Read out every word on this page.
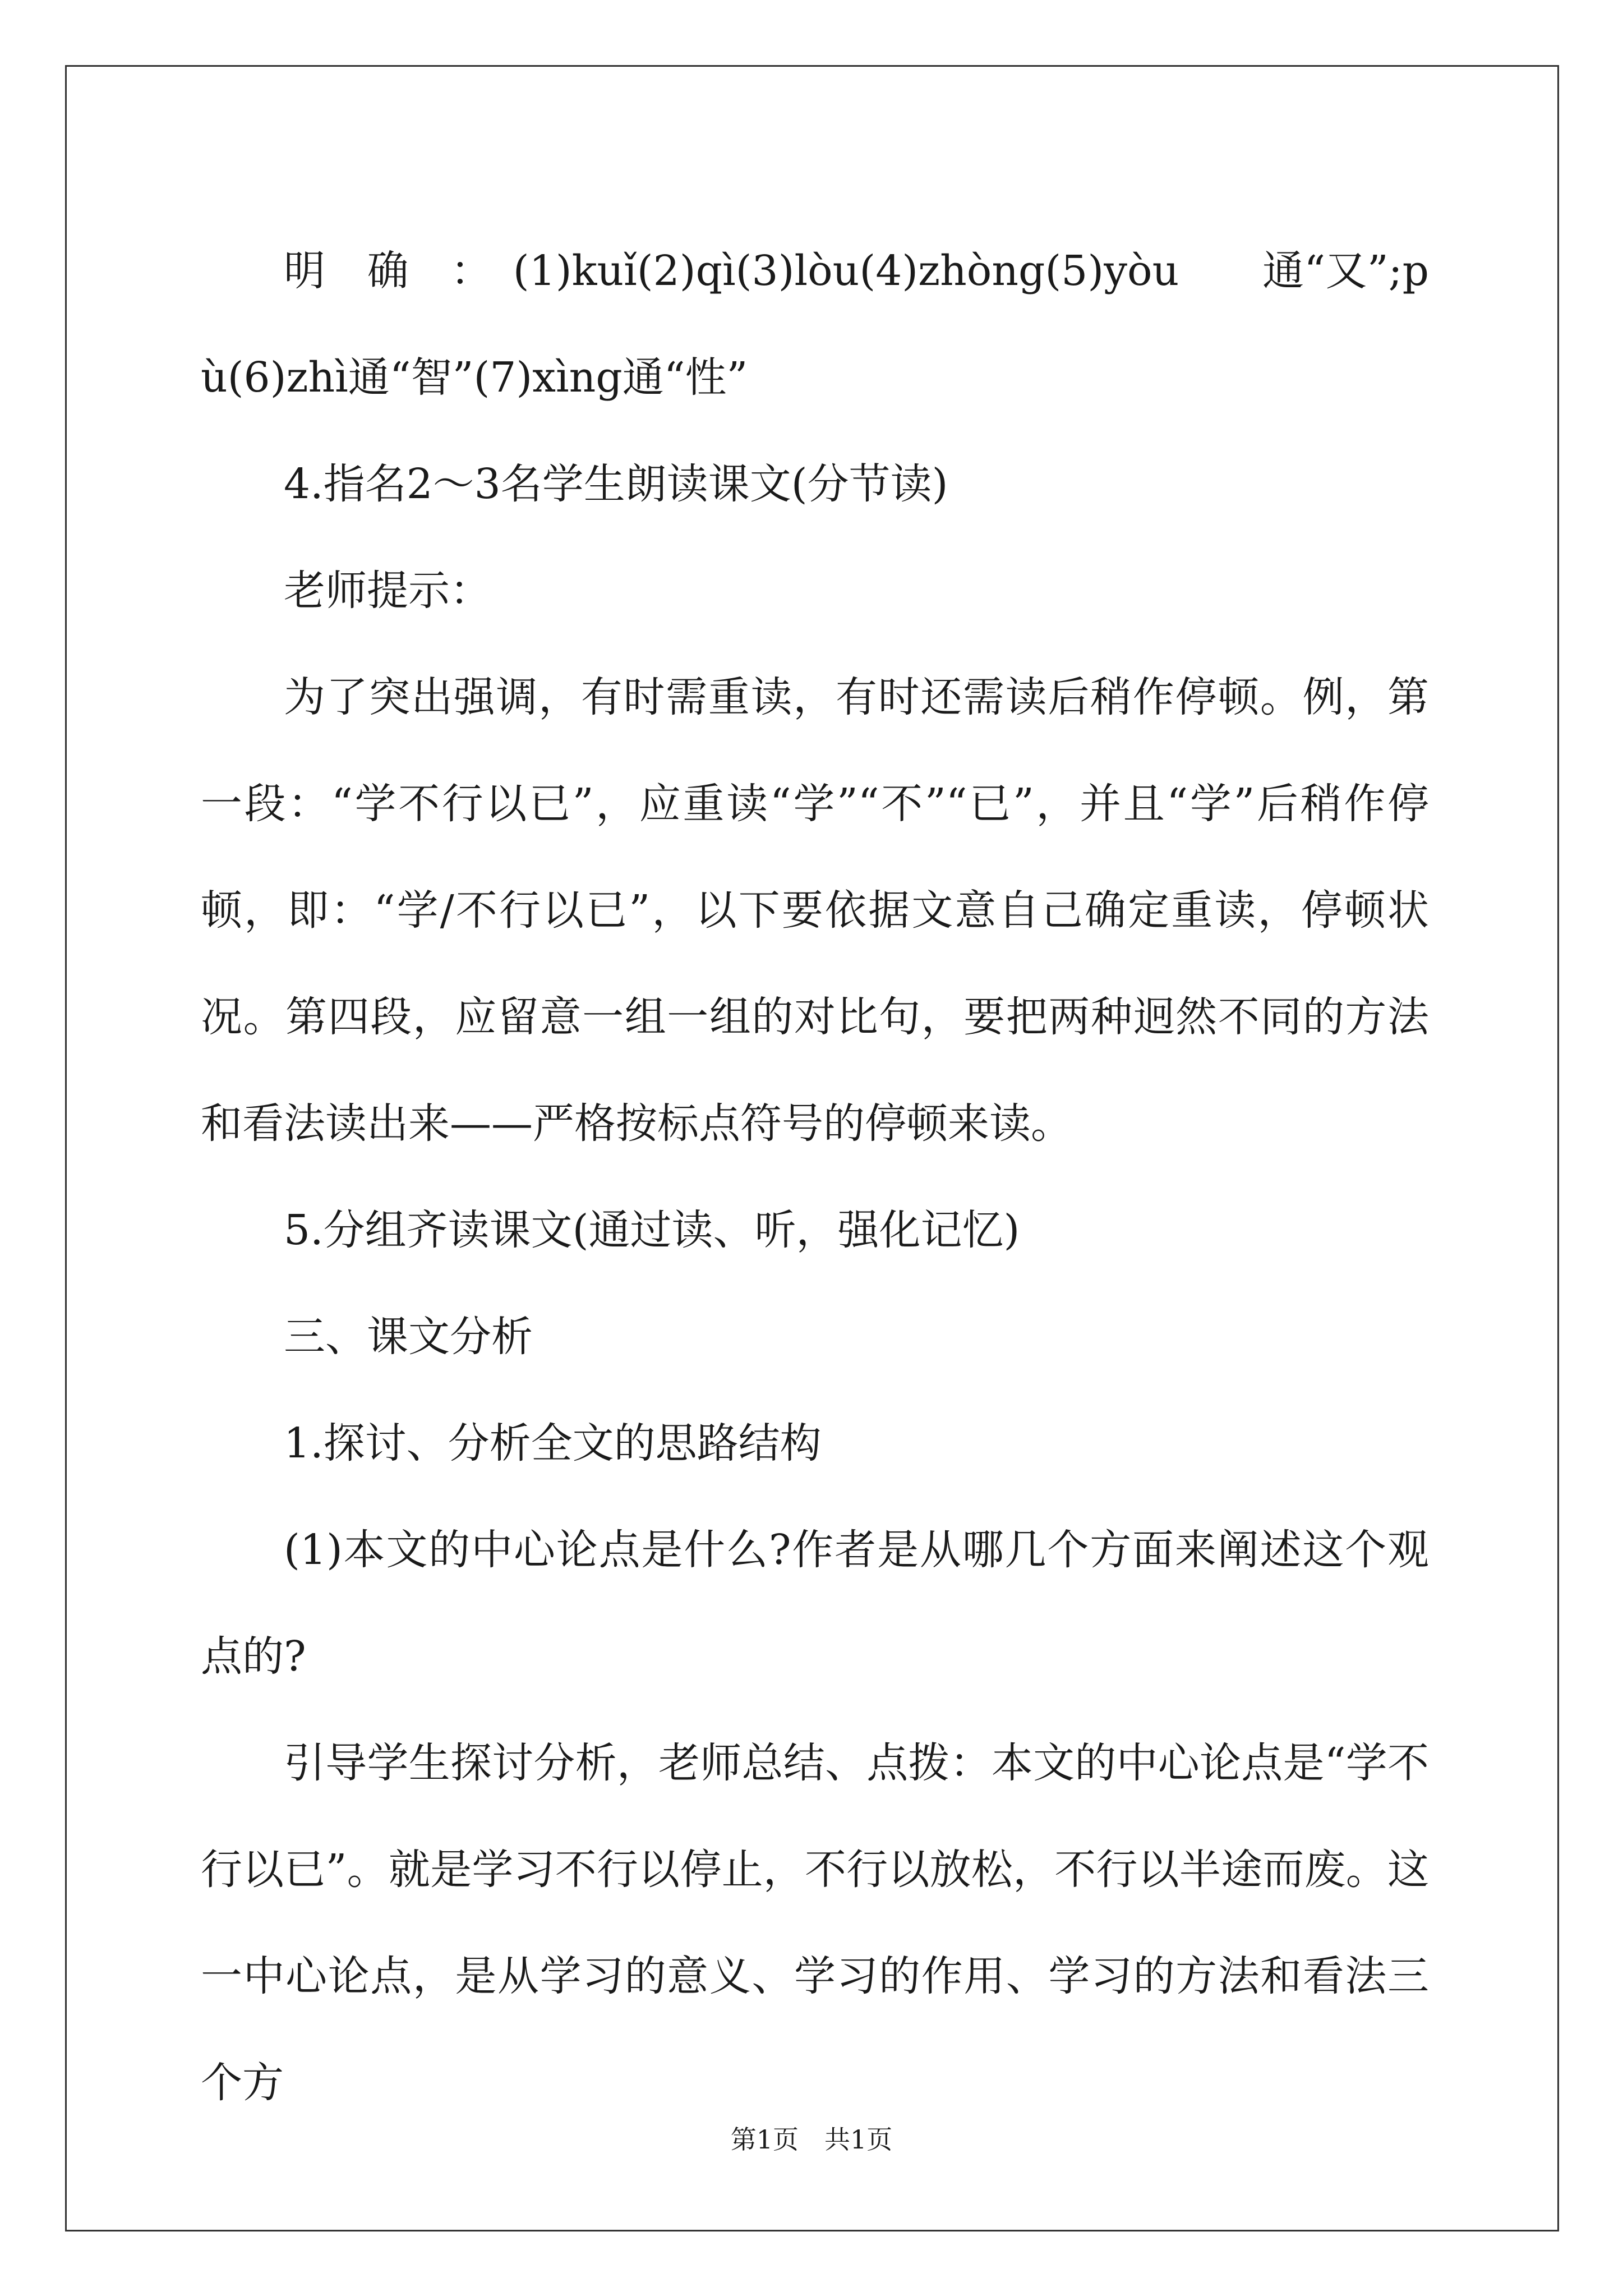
明　确　：　(1)kuǐ(2)qì(3)lòu(4)zhòng(5)yòu　　通“又”;pù(6)zhì通“智”(7)xìng通“性”

4.指名2～3名学生朗读课文(分节读)

老师提示：

为了突出强调，有时需重读，有时还需读后稍作停顿。例，第一段：“学不行以已”，应重读“学”“不”“已”，并且“学”后稍作停顿，即：“学/不行以已”，以下要依据文意自己确定重读，停顿状况。第四段，应留意一组一组的对比句，要把两种迥然不同的方法和看法读出来——严格按标点符号的停顿来读。

5.分组齐读课文(通过读、听，强化记忆)

三、课文分析

1.探讨、分析全文的思路结构

(1)本文的中心论点是什么?作者是从哪几个方面来阐述这个观点的?

引导学生探讨分析，老师总结、点拨：本文的中心论点是“学不行以已”。就是学习不行以停止，不行以放松，不行以半途而废。这一中心论点，是从学习的意义、学习的作用、学习的方法和看法三个方

第1页　共1页
